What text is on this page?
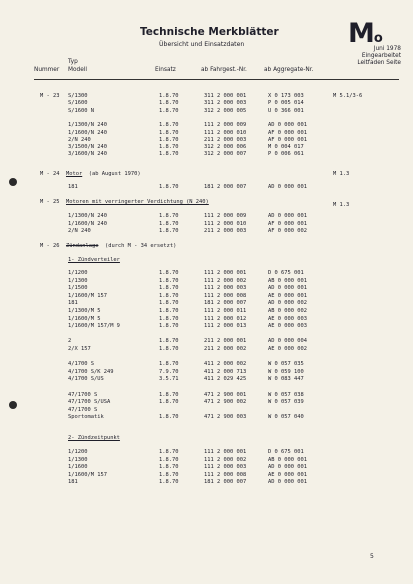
Technische Merkblätter
Übersicht und Einsatzdaten	Mo
Juni 1978
Eingearbeitet
Leitfaden Seite
Typ
Nummer Modell	Einsatz	ab Fahrgest.-Nr.	ab Aggregate-Nr.
M - 23 S/1300	1.8.70	311 2 000 001	X 0 173 003	M 5.1/3-6
S/1600	1.8.70	311 2 000 003	P 0 005 014
S/1600 N	1.8.70	312 2 000 005	U 0 366 001
1/1300/N 240	1.8.70	111 2 000 009	AD 0 000 001
1/1600/N 240	1.8.70	111 2 000 010	AF 0 000 001
2/N 240	1.8.70	211 2 000 003	AF 0 000 001
3/1500/N 240	1.8.70	312 2 000 006	M 0 004 017
3/1600/N 240	1.8.70	312 2 000 007	P 0 006 061
M - 24 Motor (ab August 1970)	M 1.3
181	1.8.70	181 2 000 007	AD 0 000 001
M - 25 Motoren mit verringerter Verdichtung (N 240)	M 1.3
1/1300/N 240	1.8.70	111 2 000 009	AD 0 000 001
1/1600/N 240	1.8.70	111 2 000 010	AF 0 000 001
2/N 240	1.8.70	211 2 000 003	AF 0 000 002
M - 26 Zündanlage (durch M - 34 ersetzt)
1- Zündverteiler
1/1200	1.8.70	111 2 000 001	D 0 675 001
1/1300	1.8.70	111 2 000 002	AB 0 000 001
1/1500	1.8.70	111 2 000 003	AD 0 000 001
1/1600/M 157	1.8.70	111 2 000 008	AE 0 000 001
181	1.8.70	181 2 000 007	AD 0 000 002
1/1300/M 5	1.8.70	111 2 000 011	AB 0 000 002
1/1600/M 5	1.8.70	111 2 000 012	AE 0 000 003
1/1600/M 157/M 9	1.8.70	111 2 000 013	AE 0 000 003
2	1.8.70	211 2 000 001	AD 0 000 004
2/X 157	1.8.70	211 2 000 002	AE 0 000 002
4/1700 S	1.8.70	411 2 000 002	W 0 057 035
4/1700 S/K 249	7.9.70	411 2 000 713	W 0 059 100
4/1700 S/US	3.5.71	411 2 029 425	W 0 083 447
47/1700 S	1.8.70	471 2 900 001	W 0 057 038
47/1700 S/USA	1.8.70	471 2 900 002	W 0 057 039
47/1700 S
Sportomatik	1.8.70	471 2 900 003	W 0 057 040
2- Zündzeitpunkt
1/1200	1.8.70	111 2 000 001	D 0 675 001
1/1300	1.8.70	111 2 000 002	AB 0 000 001
1/1600	1.8.70	111 2 000 003	AD 0 000 001
1/1600/M 157	1.8.70	111 2 000 008	AE 0 000 001
181	1.8.70	181 2 000 007	AD 0 000 001
5
